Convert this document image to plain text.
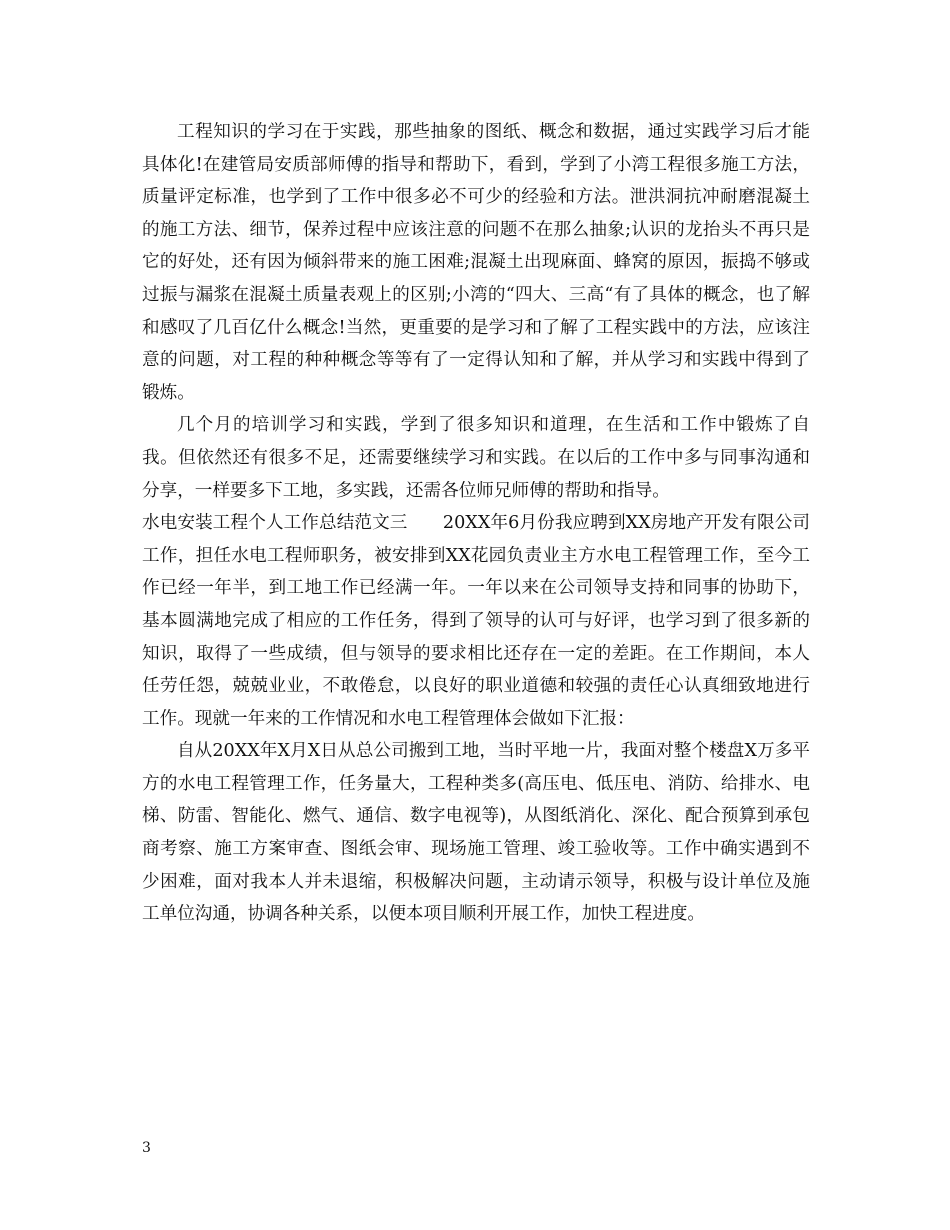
工程知识的学习在于实践，那些抽象的图纸、概念和数据，通过实践学习后才能具体化!在建管局安质部师傅的指导和帮助下，看到，学到了小湾工程很多施工方法，质量评定标准，也学到了工作中很多必不可少的经验和方法。泄洪洞抗冲耐磨混凝土的施工方法、细节，保养过程中应该注意的问题不在那么抽象;认识的龙抬头不再只是它的好处，还有因为倾斜带来的施工困难;混凝土出现麻面、蜂窝的原因，振捣不够或过振与漏浆在混凝土质量表观上的区别;小湾的“四大、三高“有了具体的概念，也了解和感叹了几百亿什么概念!当然，更重要的是学习和了解了工程实践中的方法，应该注意的问题，对工程的种种概念等等有了一定得认知和了解，并从学习和实践中得到了锻炼。

几个月的培训学习和实践，学到了很多知识和道理，在生活和工作中锻炼了自我。但依然还有很多不足，还需要继续学习和实践。在以后的工作中多与同事沟通和分享，一样要多下工地，多实践，还需各位师兄师傅的帮助和指导。

水电安装工程个人工作总结范文三　　20XX年6月份我应聘到XX房地产开发有限公司工作，担任水电工程师职务，被安排到XX花园负责业主方水电工程管理工作，至今工作已经一年半，到工地工作已经满一年。一年以来在公司领导支持和同事的协助下，基本圆满地完成了相应的工作任务，得到了领导的认可与好评，也学习到了很多新的知识，取得了一些成绩，但与领导的要求相比还存在一定的差距。在工作期间，本人任劳任怨，兢兢业业，不敢倦怠，以良好的职业道德和较强的责任心认真细致地进行工作。现就一年来的工作情况和水电工程管理体会做如下汇报：

自从20XX年X月X日从总公司搬到工地，当时平地一片，我面对整个楼盘X万多平方的水电工程管理工作，任务量大，工程种类多(高压电、低压电、消防、给排水、电梯、防雷、智能化、燃气、通信、数字电视等)，从图纸消化、深化、配合预算到承包商考察、施工方案审查、图纸会审、现场施工管理、竣工验收等。工作中确实遇到不少困难，面对我本人并未退缩，积极解决问题，主动请示领导，积极与设计单位及施工单位沟通，协调各种关系，以便本项目顺利开展工作，加快工程进度。

3
